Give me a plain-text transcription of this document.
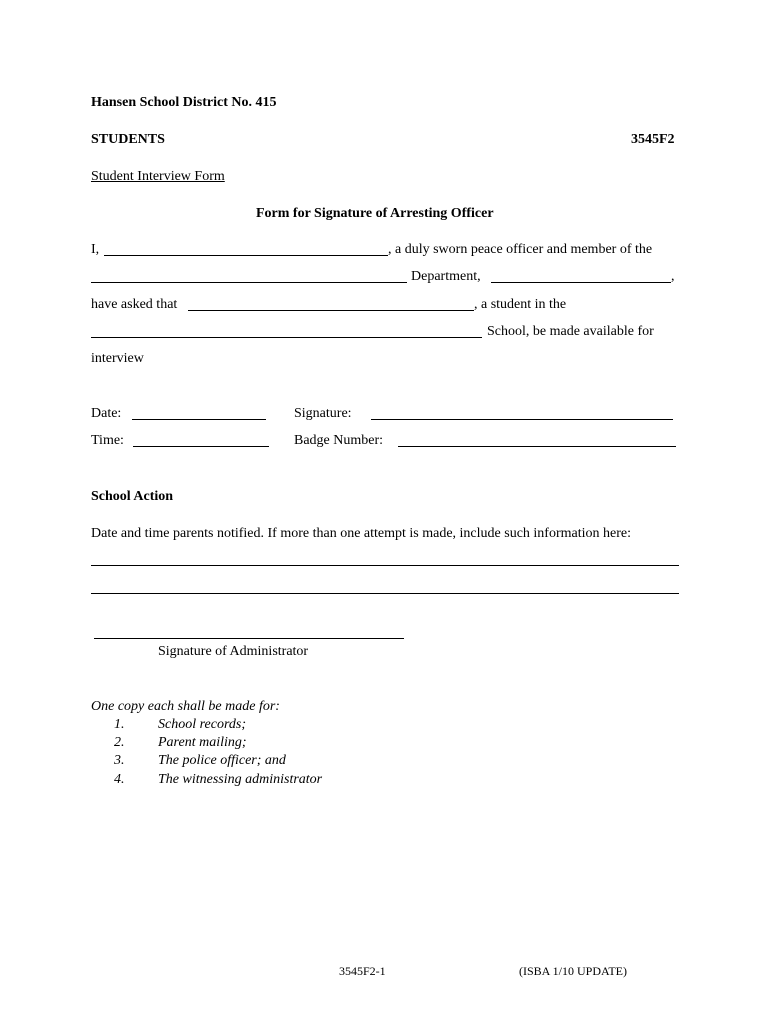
Hansen School District No. 415
STUDENTS	3545F2
Student Interview Form
Form for Signature of Arresting Officer
I,	, a duly sworn peace officer and member of the
Department,	,
have asked that	, a student in the
School, be made available for
interview
Date:	Signature:
Time:	Badge Number:
School Action
Date and time parents notified. If more than one attempt is made, include such information here:
Signature of Administrator
One copy each shall be made for:
1. School records;
2. Parent mailing;
3. The police officer; and
4. The witnessing administrator
3545F2-1	(ISBA 1/10 UPDATE)
